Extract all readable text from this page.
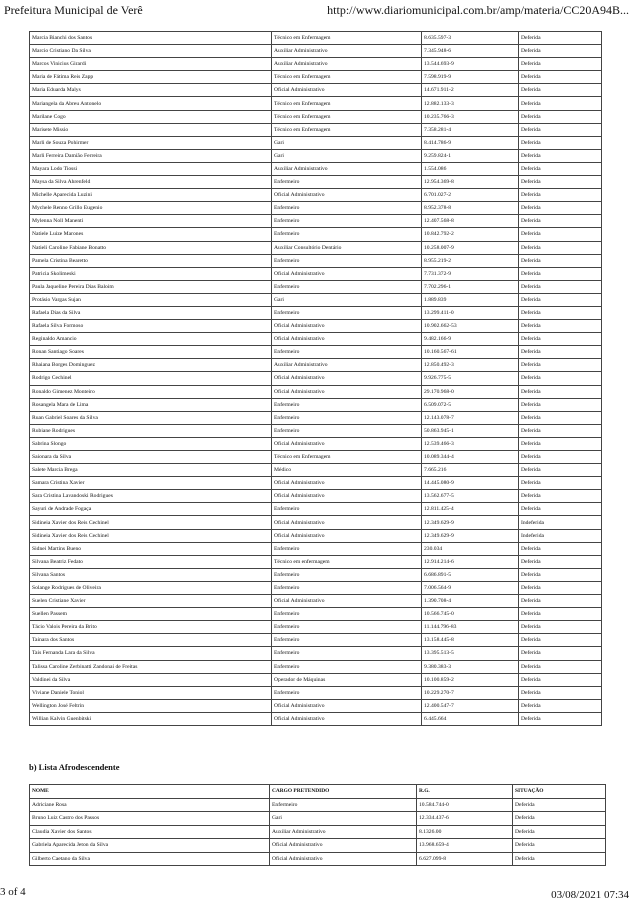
Prefeitura Municipal de Verê	http://www.diariomunicipal.com.br/amp/materia/CC20A94B...
Marcia Bianchi dos Santos	Técnico em Enfermagem	8.635.597-3	Deferida
Marcio Cristiano Da Silva	Auxiliar Administrativo	7.345.948-6	Deferida
Marcos Vinicius Girardi	Auxiliar Administrativo	13.544.693-9	Deferida
Maria de Fátima Reis Zapp	Técnico em Enfermagem	7.598.919-9	Deferida
Maria Eduarda Malys	Oficial Administrativo	14.671.911-2	Deferida
Mariangela da Abreu Antonelo	Técnico em Enfermagem	12.882.133-3	Deferida
Marilane Cogo	Técnico em Enfermagem	10.235.766-3	Deferida
Marisete Missio	Técnico em Enfermagem	7.358.281-4	Deferida
Marli de Souza Pohirmer	Gari	8.414.786-9	Deferida
Marli Ferreira Damião Ferreira	Gari	9.259.824-1	Deferida
Mayara Lodo Tiossi	Auxiliar Administrativo	1.554.086	Deferida
Maysa da Silva Ahrenfeld	Enfermeiro	12.954.369-8	Deferida
Michelle Aparecida Luzini	Oficial Administrativo	6.701.027-2	Deferida
Mychele Renno Grillo Eugenio	Enfermeiro	8.952.378-8	Deferida
Mylenna Noll Manenti	Enfermeiro	12.407.568-8	Deferida
Natiele Luize Marones	Enfermeiro	10.842.792-2	Deferida
Natieli Caroline Fabiane Bonatto	Auxiliar Consultório Dentário	10.258.007-9	Deferida
Pamela Cristina Bearetto	Enfermeiro	8.955.219-2	Deferida
Patricia Skolimeski	Oficial Administrativo	7.731.372-9	Deferida
Paula Jaqueline Pereira Dias Baloim	Enfermeiro	7.702.296-1	Deferida
Protásio Vargas Sujan	Gari	1.889.839	Deferida
Rafaela Dias da Silva	Enfermeiro	13.299.411-0	Deferida
Rafaela Silva Formoso	Oficial Administrativo	10.902.662-53	Deferida
Reginaldo Amancio	Oficial Administrativo	9.482.166-9	Deferida
Ronan Santiago Soares	Enfermeiro	10.160.567-61	Deferida
Rhaiana Borges Dominguez	Auxiliar Administrativo	12.850.492-3	Deferida
Rodrigo Cechinel	Oficial Administrativo	9.926.775-5	Deferida
Ronaldo Gimenez Monteiro	Oficial Administrativo	29.170.968-0	Deferida
Rosangela Mara de Lima	Enfermeiro	6.509.072-5	Deferida
Ruan Gabriel Soares da Silva	Enfermeiro	12.143.078-7	Deferida
Rubiane Rodrigues	Enfermeiro	50.863.945-1	Deferida
Sabrina Slongo	Oficial Administrativo	12.539.466-3	Deferida
Saionara da Silva	Técnico em Enfermagem	10.089.344-4	Deferida
Salete Marcia Brega	Médico	7.665.216	Deferida
Samara Cristina Xavier	Oficial Administrativo	14.445.080-9	Deferida
Sara Cristina Lavandoski Rodrigues	Oficial Administrativo	13.562.677-5	Deferida
Sayuri de Andrade Fogaça	Enfermeiro	12.811.425-4	Deferida
Sidineia Xavier dos Reis Cechinel	Oficial Administrativo	12.349.629-9	Indeferida
Sidineia Xavier dos Reis Cechinel	Oficial Administrativo	12.349.629-9	Indeferida
Sidnei Martins Bueno	Enfermeiro	230.034	Deferida
Silvana Beatriz Fedato	Técnico em enfermagem	12.914.214-6	Deferida
Silvana Santos	Enfermeiro	6.686.891-5	Deferida
Solange Rodrigues de Oliveira	Enfermeiro	7.006.564-9	Deferida
Suelen Cristiane Xavier	Oficial Administrativo	1.390.708-4	Deferida
Suellen Passem	Enfermeiro	10.566.745-0	Deferida
Tácio Valois Pereira da Brito	Enfermeiro	11.144.796-83	Deferida
Tainara dos Santos	Enfermeiro	13.158.445-8	Deferida
Tais Fernanda Lara da Silva	Enfermeiro	13.395.513-5	Deferida
Talissa Caroline Zerbinatti Zandonai de Freitas	Enfermeiro	9.380.383-3	Deferida
Valdinei da Silva	Operador de Máquinas	10.100.859-2	Deferida
Viviane Daniele Toniol	Enfermeiro	10.229.270-7	Deferida
Wellington José Feltrin	Oficial Administrativo	12.400.547-7	Deferida
Willian Kalvin Guenbitski	Oficial Administrativo	6.445.664	Deferida
b) Lista Afrodescendente
NOME	CARGO PRETENDIDO	R.G.	SITUAÇÃO
Adriciane Rosa	Enfermeiro	10.584.744-0	Deferida
Bruno Luiz Castro dos Passos	Gari	12.334.437-6	Deferida
Claudia Xavier dos Santos	Auxiliar Administrativo	8.1326.00	Deferida
Gabriela Aparecida Jeton da Silva	Oficial Administrativo	13.968.659-4	Deferida
Gilberto Caetano da Silva	Oficial Administrativo	6.627.099-8	Deferida
3 of 4	03/08/2021 07:34
